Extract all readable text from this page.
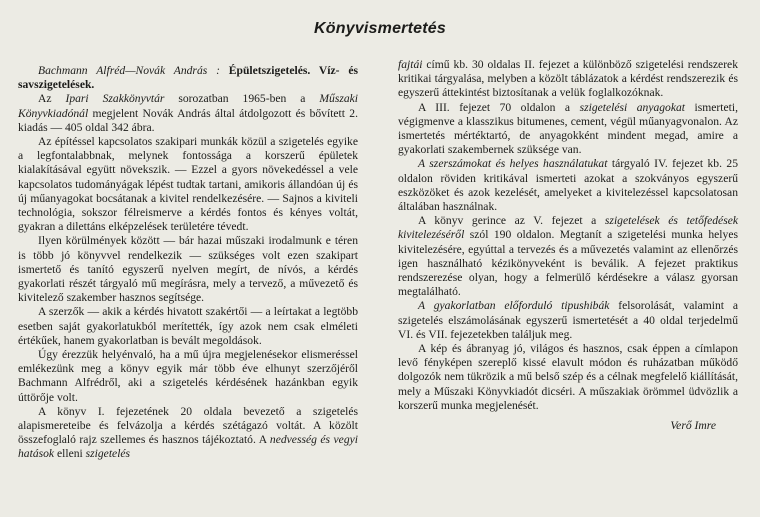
Könyvismertetés

Bachmann Alfréd—Novák András : Épületszigetelés. Víz- és savszigetelések.

Az Ipari Szakkönyvtár sorozatban 1965-ben a Műszaki Könyvkiadónál megjelent Novák András által átdolgozott és bővített 2. kiadás — 405 oldal 342 ábra.

Az építéssel kapcsolatos szakipari munkák közül a szigetelés egyike a legfontalabbnak, melynek fontossága a korszerű épületek kialakításával együtt növekszik. — Ezzel a gyors növekedéssel a vele kapcsolatos tudományágak lépést tudtak tartani, amikoris állandóan új és új műanyagokat bocsátanak a kivitel rendelkezésére. — Sajnos a kiviteli technológia, sokszor félreismerve a kérdés fontos és kényes voltát, gyakran a dilettáns elképzelések területére tévedt.

Ilyen körülmények között — bár hazai műszaki irodalmunk e téren is több jó könyvvel rendelkezik — szükséges volt ezen szakipart ismertető és tanító egyszerű nyelven megírt, de nívós, a kérdés gyakorlati részét tárgyaló mű megírásra, mely a tervező, a művezető és kivitelező szakember hasznos segítsége.

A szerzők — akik a kérdés hivatott szakértői — a leírtakat a legtöbb esetben saját gyakorlatukból merítették, így azok nem csak elméleti értékűek, hanem gyakorlatban is bevált megoldások.

Úgy érezzük helyénvaló, ha a mű újra megjelenésekor elismeréssel emlékezünk meg a könyv egyik már több éve elhunyt szerzőjéről Bachmann Alfrédről, aki a szigetelés kérdésének hazánkban egyik úttörője volt.

A könyv I. fejezetének 20 oldala bevezető a szigetelés alapismereteibe és felvázolja a kérdés szétágazó voltát. A közölt összefoglaló rajz szellemes és hasznos tájékoztató. A nedvesség és vegyi hatások elleni szigetelés

fajtái című kb. 30 oldalas II. fejezet a különböző szigetelési rendszerek kritikai tárgyalása, melyben a közölt táblázatok a kérdést rendszerezik és egyszerű áttekintést biztosítanak a velük foglalkozóknak.

A III. fejezet 70 oldalon a szigetelési anyagokat ismerteti, végigmenve a klasszikus bitumenes, cement, végül műanyagvonalon. Az ismertetés mértéktartó, de anyagokként mindent megad, amire a gyakorlati szakembernek szüksége van.

A szerszámokat és helyes használatukat tárgyaló IV. fejezet kb. 25 oldalon röviden kritikával ismerteti azokat a szokványos egyszerű eszközöket és azok kezelését, amelyeket a kivitelezéssel kapcsolatosan általában használnak.

A könyv gerince az V. fejezet a szigetelések és tetőfedések kivitelezéséről szól 190 oldalon. Megtanít a szigetelési munka helyes kivitelezésére, egyúttal a tervezés és a művezetés valamint az ellenőrzés igen használható kézikönyveként is beválik. A fejezet praktikus rendszerezése olyan, hogy a felmerülő kérdésekre a válasz gyorsan megtalálható.

A gyakorlatban előforduló tipushibák felsorolását, valamint a szigetelés elszámolásának egyszerű ismertetését a 40 oldal terjedelmű VI. és VII. fejezetekben találjuk meg.

A kép és ábranyag jó, világos és hasznos, csak éppen a címlapon levő fényképen szereplő kissé elavult módon és ruházatban működő dolgozók nem tükrözik a mű belső szép és a célnak megfelelő kiállítását, mely a Műszaki Könyvkiadót dicséri. A műszakiak örömmel üdvözlik a korszerű munka megjelenését.

Verő Imre
